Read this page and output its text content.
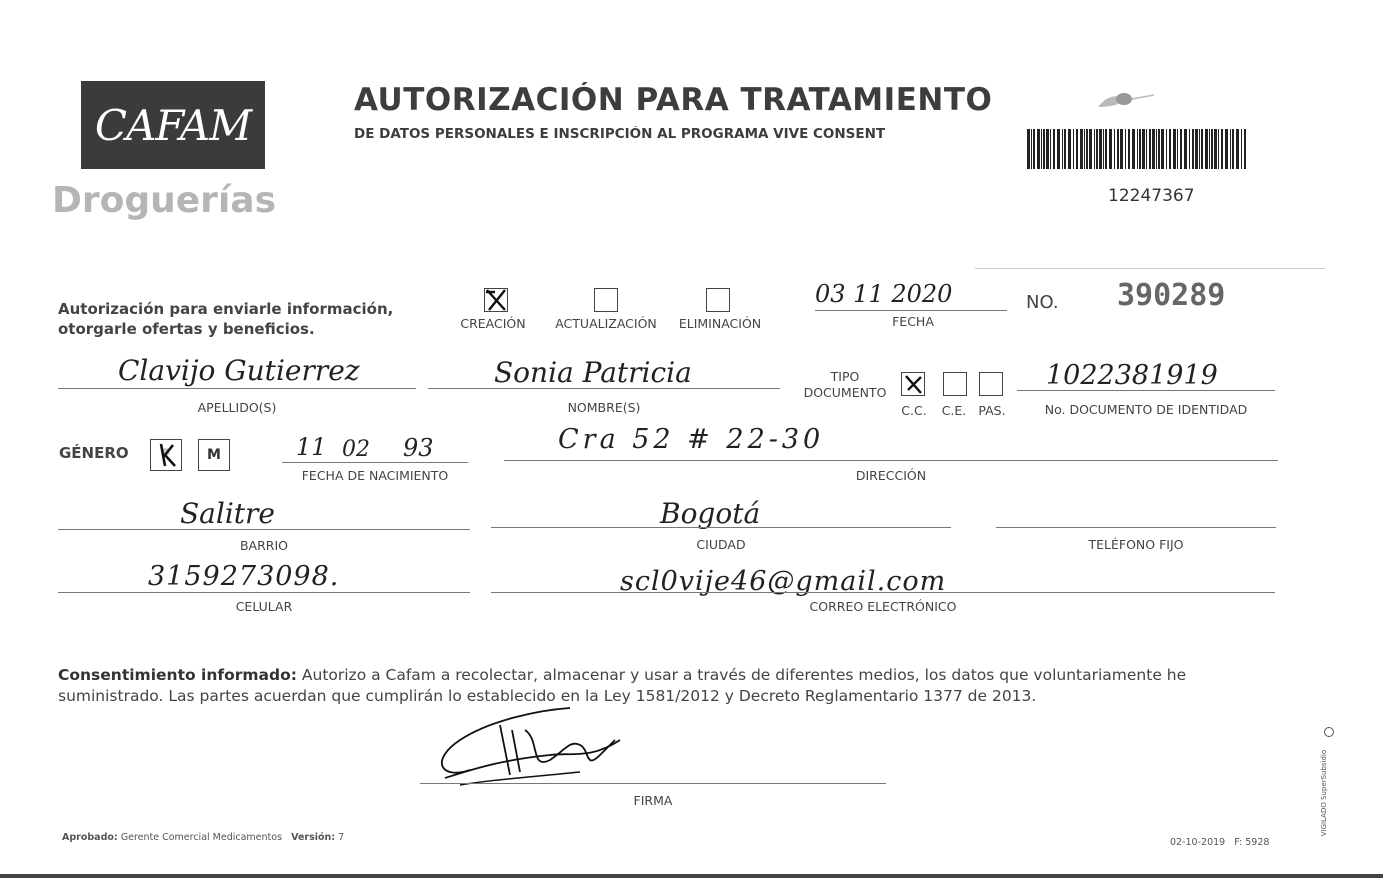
CAFAM
Droguerías
AUTORIZACIÓN PARA TRATAMIENTO
DE DATOS PERSONALES E INSCRIPCIÓN AL PROGRAMA VIVE CONSENT
12247367
Autorización para enviarle información,
otorgarle ofertas y beneficios.	CREACIÓN	ACTUALIZACIÓN	ELIMINACIÓN
03 11 2020
FECHA
NO. 390289
Clavijo Gutierrez
APELLIDO(S)
Sonia Patricia
NOMBRE(S)
TIPO
DOCUMENTO
C.C.	C.E. PAS.
1022381919
No. DOCUMENTO DE IDENTIDAD
GÉNERO F	M	11 02 93
FECHA DE NACIMIENTO
Cra 52 # 22-30
DIRECCIÓN
Salitre
BARRIO
Bogotá
CIUDAD	TELÉFONO FIJO
3159273098.
CELULAR
scl0vije46@gmail.com
CORREO ELECTRÓNICO
Consentimiento informado: Autorizo a Cafam a recolectar, almacenar y usar a través de diferentes medios, los datos que voluntariamente he suministrado. Las partes acuerdan que cumplirán lo establecido en la Ley 1581/2012 y Decreto Reglamentario 1377 de 2013.
FIRMA
Aprobado: Gerente Comercial Medicamentos Versión: 7	02-10-2019 F: 5928
VIGILADO SuperSubsidio
